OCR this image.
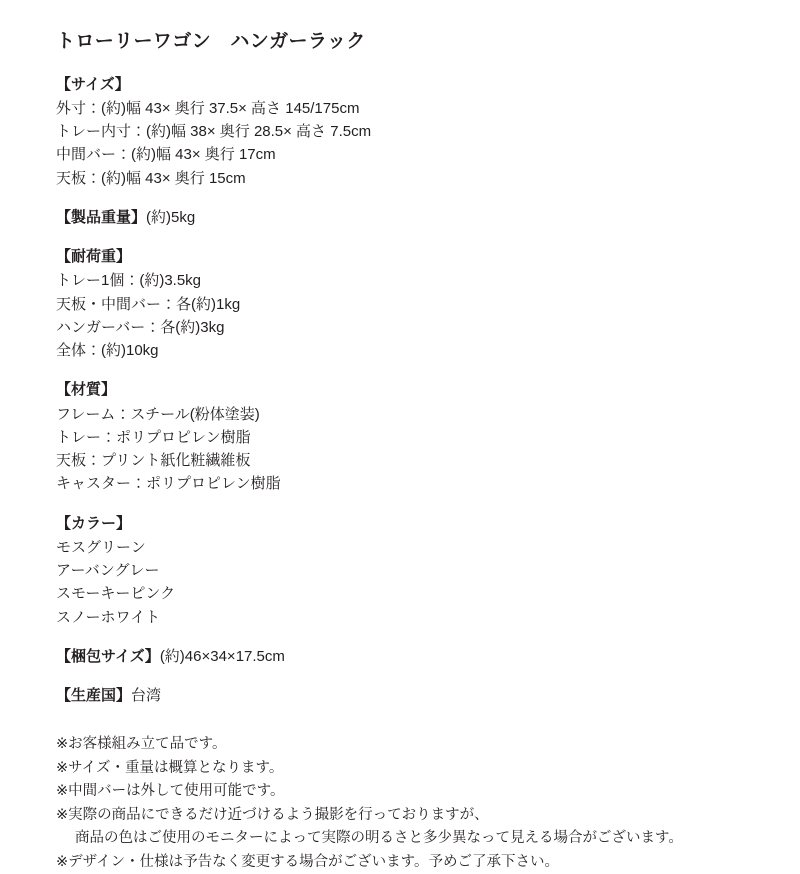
トローリーワゴン　ハンガーラック
【サイズ】
外寸：(約)幅 43× 奥行 37.5× 高さ 145/175cm
トレー内寸：(約)幅 38× 奥行 28.5× 高さ 7.5cm
中間バー：(約)幅 43× 奥行 17cm
天板：(約)幅 43× 奥行 15cm
【製品重量】(約)5kg
【耐荷重】
トレー1個：(約)3.5kg
天板・中間バー：各(約)1kg
ハンガーバー：各(約)3kg
全体：(約)10kg
【材質】
フレーム：スチール(粉体塗装)
トレー：ポリプロピレン樹脂
天板：プリント紙化粧繊維板
キャスター：ポリプロピレン樹脂
【カラー】
モスグリーン
アーバングレー
スモーキーピンク
スノーホワイト
【梱包サイズ】(約)46×34×17.5cm
【生産国】台湾
※お客様組み立て品です。
※サイズ・重量は概算となります。
※中間バーは外して使用可能です。
※実際の商品にできるだけ近づけるよう撮影を行っておりますが、
商品の色はご使用のモニターによって実際の明るさと多少異なって見える場合がございます。
※デザイン・仕様は予告なく変更する場合がございます。予めご了承下さい。
